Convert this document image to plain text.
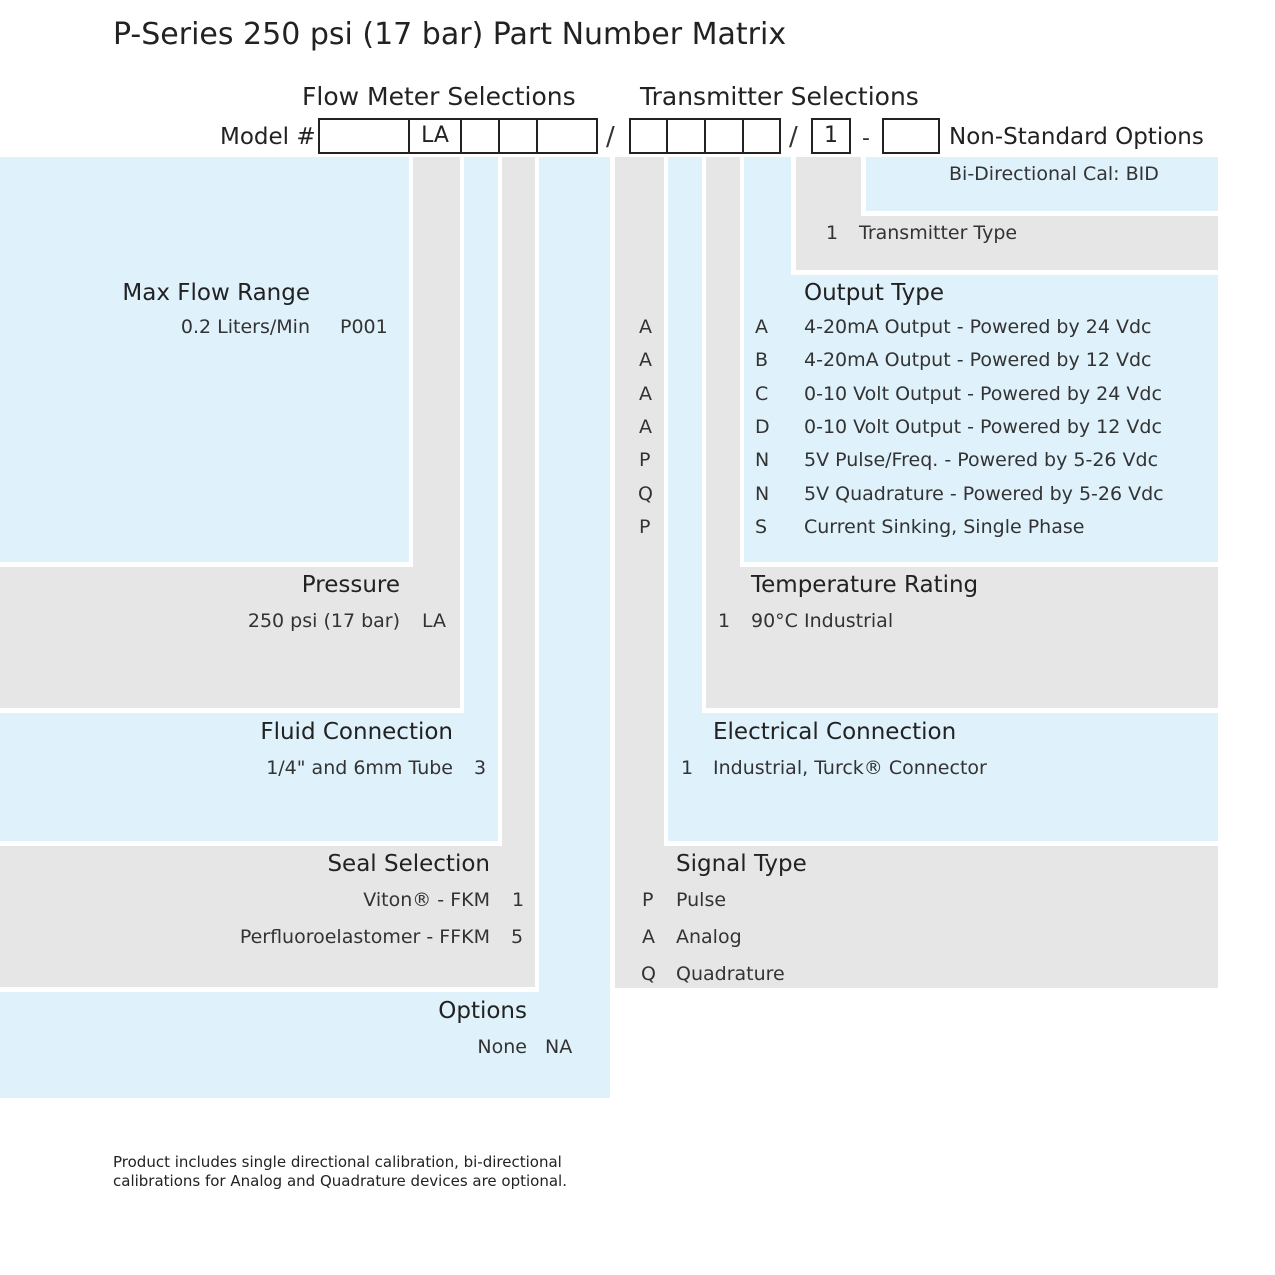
P-Series 250 psi (17 bar) Part Number Matrix
Flow Meter Selections	Transmitter Selections
Model #	LA	/	/	1	-	Non-Standard Options
Bi-Directional Cal: BID
1 Transmitter Type
Max Flow Range
0.2 Liters/Min P001
Pressure
250 psi (17 bar) LA
Fluid Connection
1/4" and 6mm Tube 3
Seal Selection
Viton® - FKM 1
Perfluoroelastomer - FFKM 5
Options
None NA
Output Type
A	A 4-20mA Output - Powered by 24 Vdc
A	B 4-20mA Output - Powered by 12 Vdc
A	C 0-10 Volt Output - Powered by 24 Vdc
A	D 0-10 Volt Output - Powered by 12 Vdc
P	N 5V Pulse/Freq. - Powered by 5-26 Vdc
Q	N 5V Quadrature - Powered by 5-26 Vdc
P	S Current Sinking, Single Phase
Temperature Rating
1 90°C Industrial
Electrical Connection
1 Industrial, Turck® Connector
Signal Type
P Pulse
A Analog
Q Quadrature
Product includes single directional calibration, bi-directional
calibrations for Analog and Quadrature devices are optional.
